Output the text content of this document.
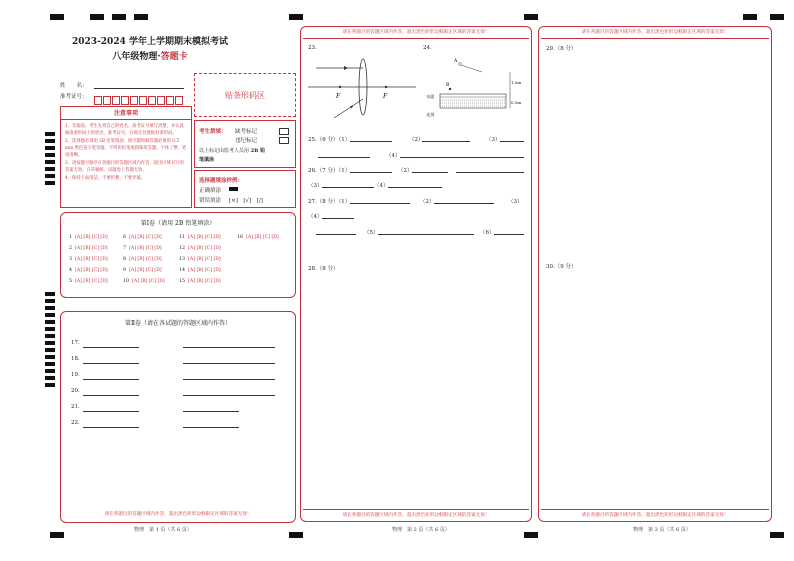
2023-2024 学年上学期期末模拟考试
八年级物理·答题卡
姓　　名：
准考证号：	贴条形码区
注意事项
1．答题前，考生先将自己的姓名，准考证号填写清楚，并认真核准条形码上的姓名、准考证号，在规定位置贴好条形码。
2．选择题必须用 2B 铅笔填涂；填空题和解答题必须用 0.5 mm 黑色签字笔答题，不得用铅笔或圆珠笔答题；字体工整、笔迹清晰。
3．请按题号顺序在各题目的答题区域内作答，超出区域书写的答案无效；在草稿纸、试题卷上答题无效。
4．保持卡面清洁，不要折叠、不要弄破。
考生禁填： 缺考标记
违纪标记
以上标记由监考人员用 2B 铅
笔填涂
选择题填涂样例：
正确填涂
错误填涂 [×]　[√]　[/]
第Ⅰ卷（请用 2B 铅笔填涂）
1 [A] [B] [C] [D]
2 [A] [B] [C] [D]
3 [A] [B] [C] [D]
4 [A] [B] [C] [D]
5 [A] [B] [C] [D]
6 [A] [B] [C] [D]
7 [A] [B] [C] [D]
8 [A] [B] [C] [D]
9 [A] [B] [C] [D]
10 [A] [B] [C] [D]
11 [A] [B] [C] [D]
12 [A] [B] [C] [D]
13 [A] [B] [C] [D]
14 [A] [B] [C] [D]
15 [A] [B] [C] [D]
16 [A] [B] [C] [D]
第Ⅱ卷（请在各试题的答题区域内作答）
17.
18.
19.
20.
21.
22.
请在各题目的答题区域内作答，超出黑色矩形边框限定区域的答案无效！
物理　第 1 页（共 6 页）
请在各题目的答题区域内作答，超出黑色矩形边框限定区域的答案无效！
请在各题目的答题区域内作答，超出黑色矩形边框限定区域的答案无效！
23.	24.
F	F
A
B
1.0m
0.5m
水面
光屏
25.（6 分）（1）	（2）	（3）
（4）
26.（7 分）（1）	（2）
（3）	（4）
27.（8 分）（1）	（2）	（3）
（4）
（5）	（6）
28.（8 分）
物理　第 2 页（共 6 页）
请在各题目的答题区域内作答，超出黑色矩形边框限定区域的答案无效！
29.（8 分）
30.（9 分）
请在各题目的答题区域内作答，超出黑色矩形边框限定区域的答案无效！
物理　第 3 页（共 6 页）
